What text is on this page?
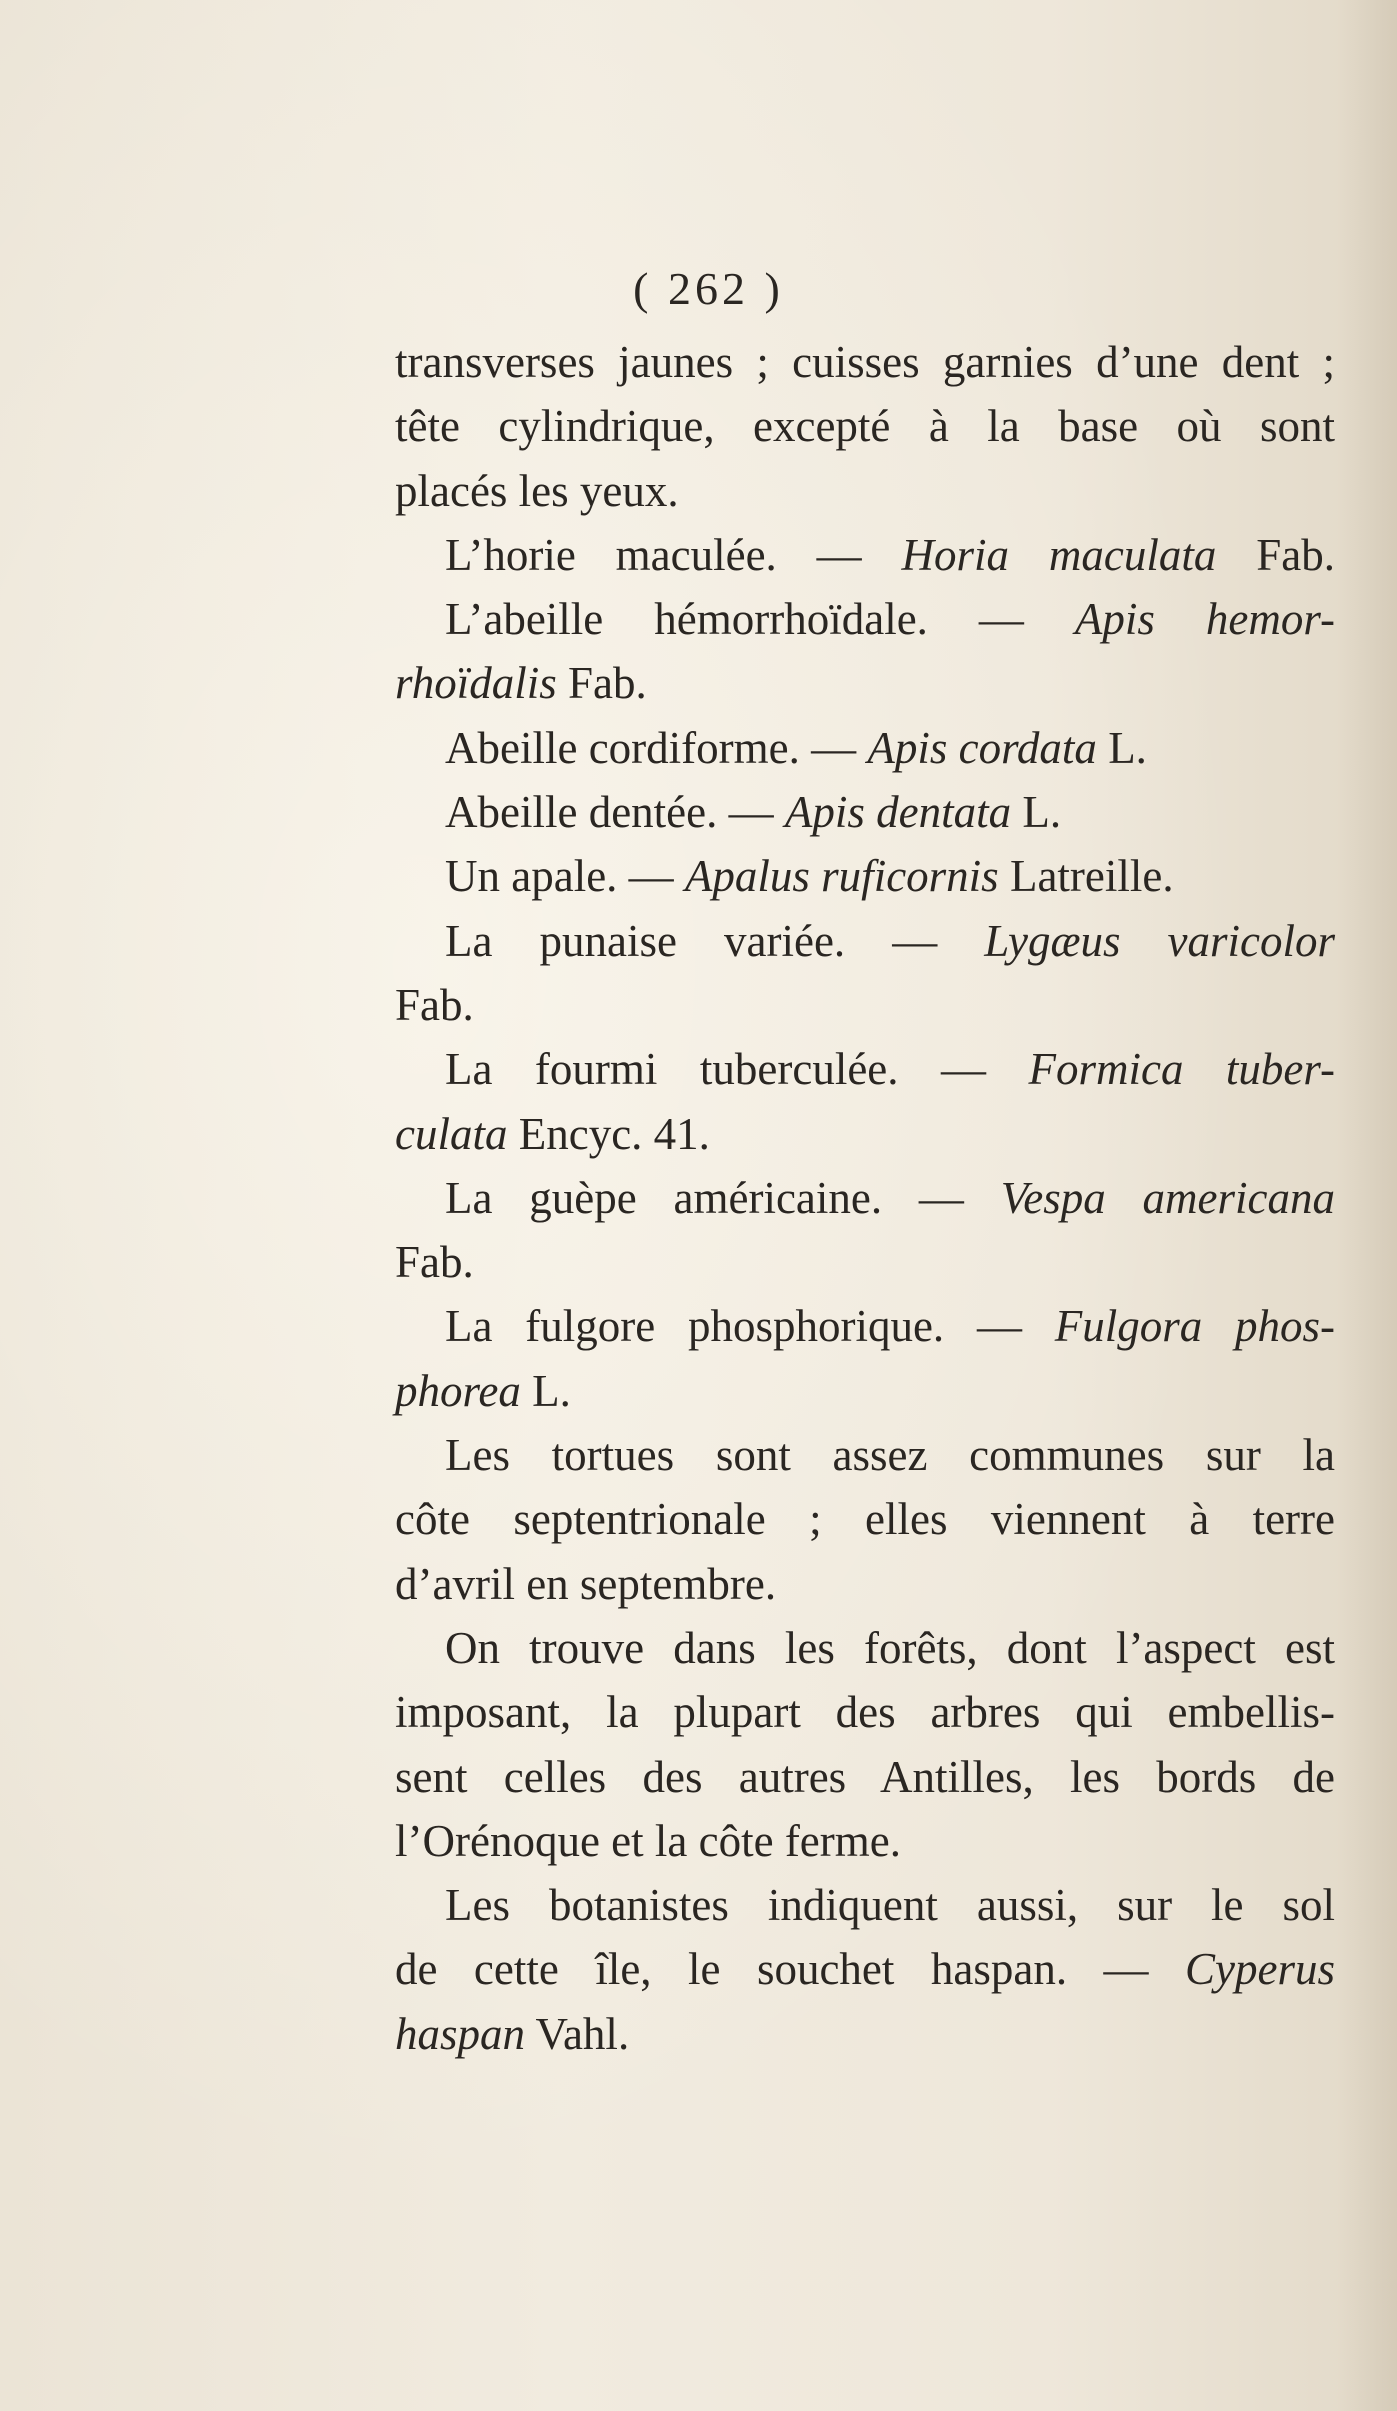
( 262 )
transverses jaunes ; cuisses garnies d’une dent ;
tête cylindrique, excepté à la base où sont
placés les yeux.
L’horie maculée. — Horia maculata Fab.
L’abeille hémorrhoïdale. — Apis hemor-
rhoïdalis Fab.
Abeille cordiforme. — Apis cordata L.
Abeille dentée. — Apis dentata L.
Un apale. — Apalus ruficornis Latreille.
La punaise variée. — Lygæus varicolor
Fab.
La fourmi tuberculée. — Formica tuber-
culata Encyc. 41.
La guèpe américaine. — Vespa americana
Fab.
La fulgore phosphorique. — Fulgora phos-
phorea L.
Les tortues sont assez communes sur la
côte septentrionale ; elles viennent à terre
d’avril en septembre.
On trouve dans les forêts, dont l’aspect est
imposant, la plupart des arbres qui embellis-
sent celles des autres Antilles, les bords de
l’Orénoque et la côte ferme.
Les botanistes indiquent aussi, sur le sol
de cette île, le souchet haspan. — Cyperus
haspan Vahl.
